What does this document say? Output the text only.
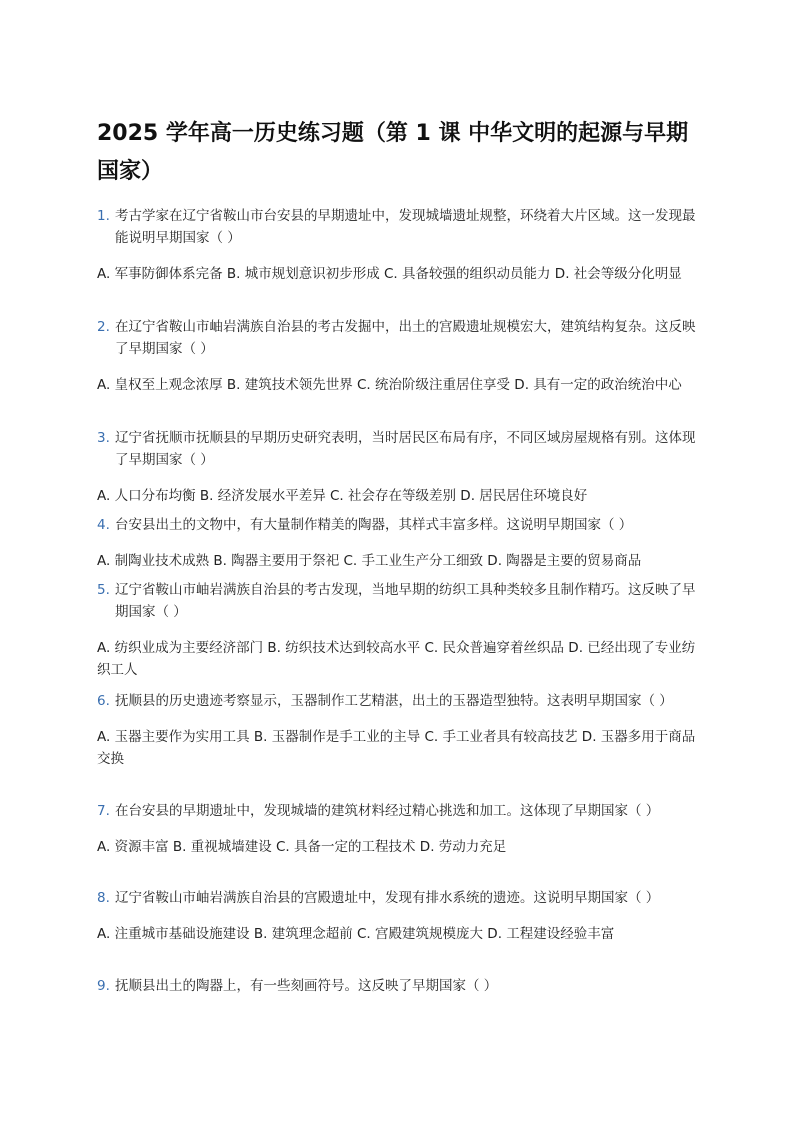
2025 学年高一历史练习题（第 1 课 中华文明的起源与早期国家）
1. 考古学家在辽宁省鞍山市台安县的早期遗址中，发现城墙遗址规整，环绕着大片区域。这一发现最能说明早期国家（ ）
A. 军事防御体系完备 B. 城市规划意识初步形成 C. 具备较强的组织动员能力 D. 社会等级分化明显
2. 在辽宁省鞍山市岫岩满族自治县的考古发掘中，出土的宫殿遗址规模宏大，建筑结构复杂。这反映了早期国家（ ）
A. 皇权至上观念浓厚 B. 建筑技术领先世界 C. 统治阶级注重居住享受 D. 具有一定的政治统治中心
3. 辽宁省抚顺市抚顺县的早期历史研究表明，当时居民区布局有序，不同区域房屋规格有别。这体现了早期国家（ ）
A. 人口分布均衡 B. 经济发展水平差异 C. 社会存在等级差别 D. 居民居住环境良好
4. 台安县出土的文物中，有大量制作精美的陶器，其样式丰富多样。这说明早期国家（ ）
A. 制陶业技术成熟 B. 陶器主要用于祭祀 C. 手工业生产分工细致 D. 陶器是主要的贸易商品
5. 辽宁省鞍山市岫岩满族自治县的考古发现，当地早期的纺织工具种类较多且制作精巧。这反映了早期国家（ ）
A. 纺织业成为主要经济部门 B. 纺织技术达到较高水平 C. 民众普遍穿着丝织品 D. 已经出现了专业纺织工人
6. 抚顺县的历史遗迹考察显示，玉器制作工艺精湛，出土的玉器造型独特。这表明早期国家（ ）
A. 玉器主要作为实用工具 B. 玉器制作是手工业的主导 C. 手工业者具有较高技艺 D. 玉器多用于商品交换
7. 在台安县的早期遗址中，发现城墙的建筑材料经过精心挑选和加工。这体现了早期国家（ ）
A. 资源丰富 B. 重视城墙建设 C. 具备一定的工程技术 D. 劳动力充足
8. 辽宁省鞍山市岫岩满族自治县的宫殿遗址中，发现有排水系统的遗迹。这说明早期国家（ ）
A. 注重城市基础设施建设 B. 建筑理念超前 C. 宫殿建筑规模庞大 D. 工程建设经验丰富
9. 抚顺县出土的陶器上，有一些刻画符号。这反映了早期国家（ ）
